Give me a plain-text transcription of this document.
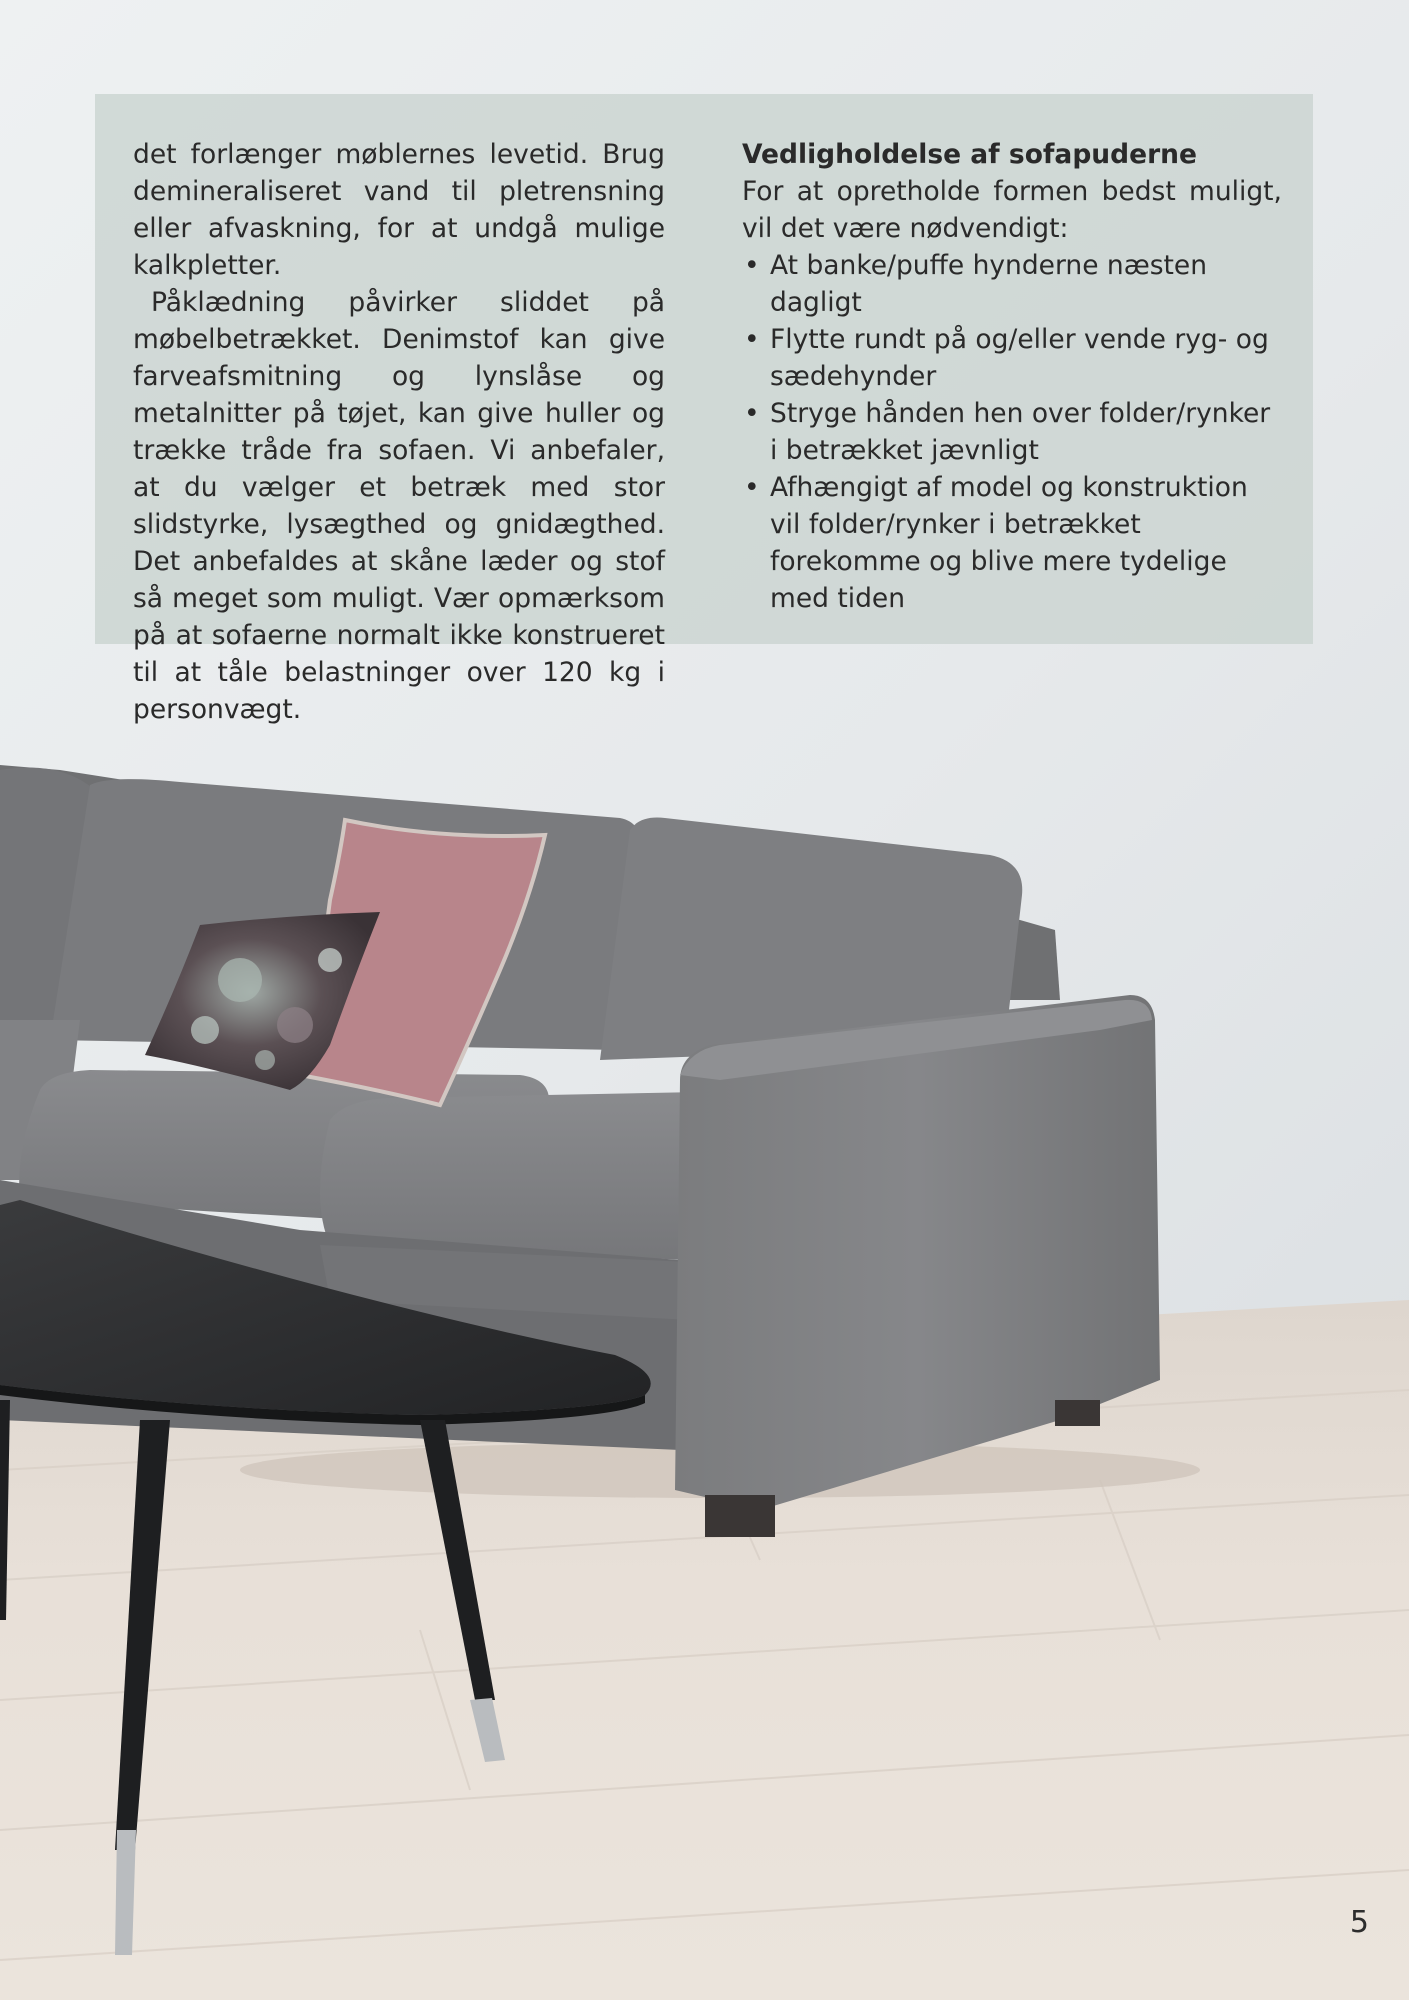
det forlænger møblernes levetid. Brug demineraliseret vand til pletrensning eller afvaskning, for at undgå mulige kalkpletter.

Påklædning påvirker sliddet på møbelbetrækket. Denimstof kan give farveafsmitning og lynslåse og metalnitter på tøjet, kan give huller og trække tråde fra sofaen. Vi anbefaler, at du vælger et betræk med stor slidstyrke, lysægthed og gnidægthed. Det anbefaldes at skåne læder og stof så meget som muligt. Vær opmærksom på at sofaerne normalt ikke konstrueret til at tåle belastninger over 120 kg i personvægt.

Vedligholdelse af sofapuderne

For at opretholde formen bedst muligt, vil det være nødvendigt:

• At banke/puffe hynderne næsten dagligt
• Flytte rundt på og/eller vende ryg- og sædehynder
• Stryge hånden hen over folder/rynker i betrækket jævnligt
• Afhængigt af model og konstruktion vil folder/rynker i betrækket forekomme og blive mere tydelige med tiden
5
